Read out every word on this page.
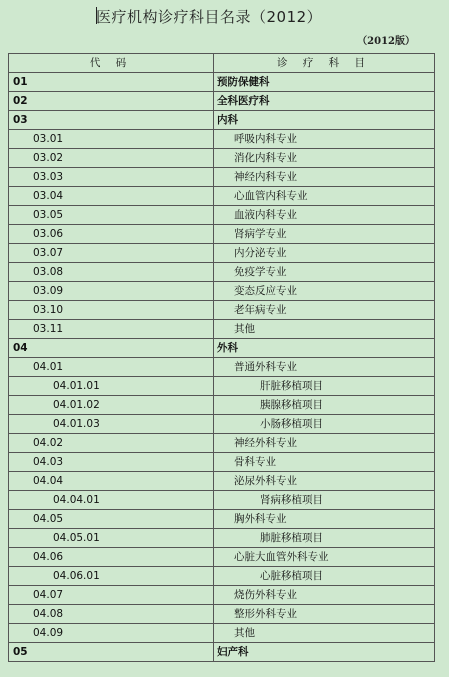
医疗机构诊疗科目名录（2012）
（2012版）
代 码	诊 疗 科 目
01	预防保健科
02	全科医疗科
03	内科
03.01	呼吸内科专业
03.02	消化内科专业
03.03	神经内科专业
03.04	心血管内科专业
03.05	血液内科专业
03.06	肾病学专业
03.07	内分泌专业
03.08	免疫学专业
03.09	变态反应专业
03.10	老年病专业
03.11	其他
04	外科
04.01	普通外科专业
04.01.01	肝脏移植项目
04.01.02	胰腺移植项目
04.01.03	小肠移植项目
04.02	神经外科专业
04.03	骨科专业
04.04	泌尿外科专业
04.04.01	肾病移植项目
04.05	胸外科专业
04.05.01	肺脏移植项目
04.06	心脏大血管外科专业
04.06.01	心脏移植项目
04.07	烧伤外科专业
04.08	整形外科专业
04.09	其他
05	妇产科
